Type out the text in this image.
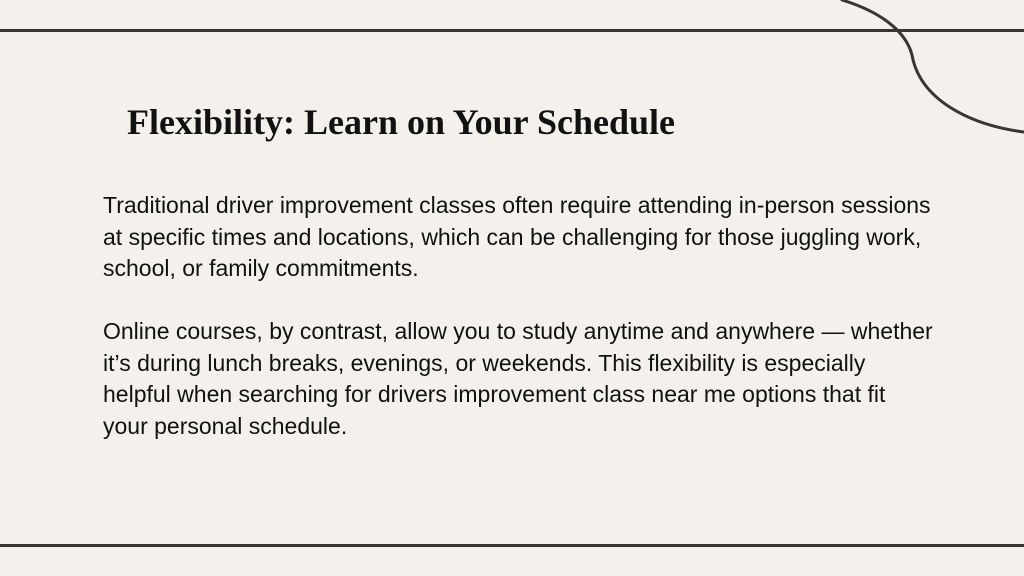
Flexibility: Learn on Your Schedule

Traditional driver improvement classes often require attending in-person sessions at specific times and locations, which can be challenging for those juggling work, school, or family commitments.

Online courses, by contrast, allow you to study anytime and anywhere — whether it’s during lunch breaks, evenings, or weekends. This flexibility is especially helpful when searching for drivers improvement class near me options that fit your personal schedule.
